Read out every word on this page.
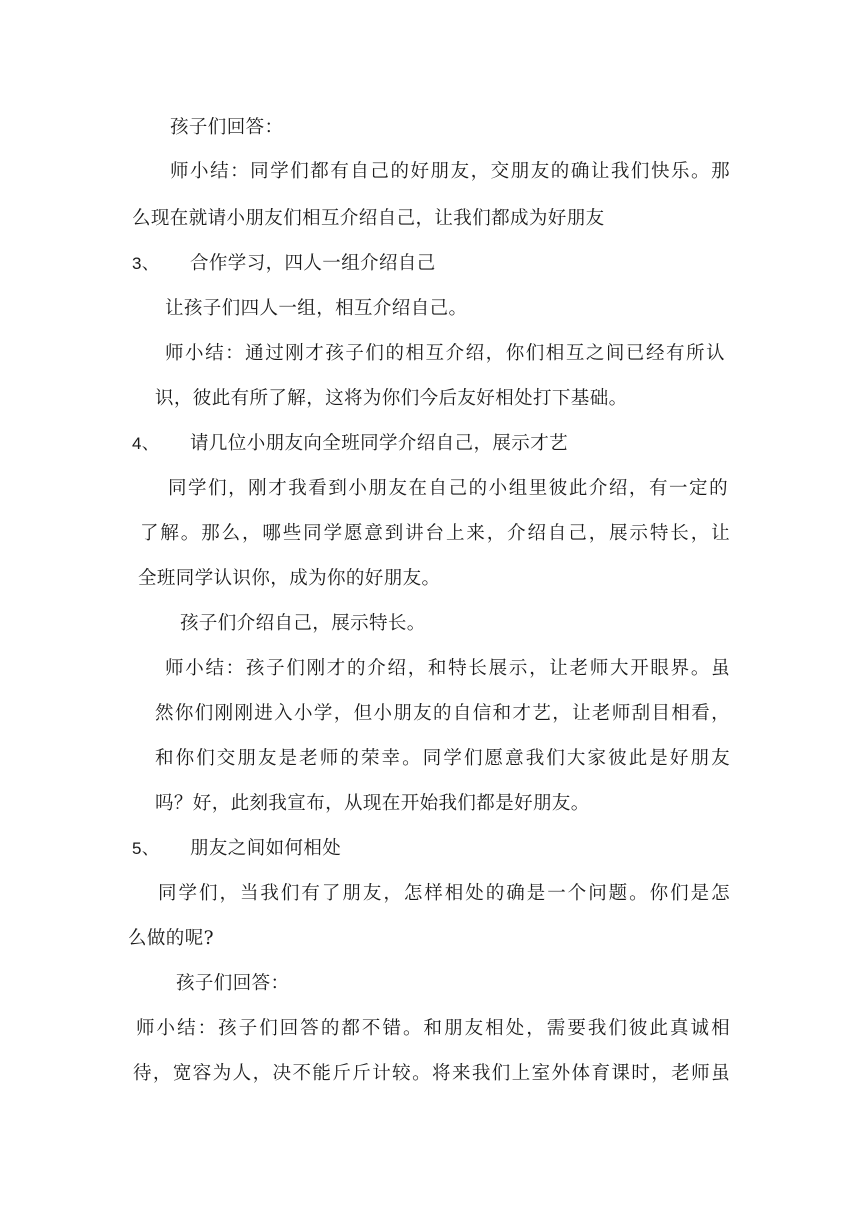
孩子们回答：
师小结：同学们都有自己的好朋友，交朋友的确让我们快乐。那
么现在就请小朋友们相互介绍自己，让我们都成为好朋友
3、 合作学习，四人一组介绍自己
让孩子们四人一组，相互介绍自己。
师小结：通过刚才孩子们的相互介绍，你们相互之间已经有所认
识，彼此有所了解，这将为你们今后友好相处打下基础。
4、 请几位小朋友向全班同学介绍自己，展示才艺
同学们，刚才我看到小朋友在自己的小组里彼此介绍，有一定的
了解。那么，哪些同学愿意到讲台上来，介绍自己，展示特长，让
全班同学认识你，成为你的好朋友。
孩子们介绍自己，展示特长。
师小结：孩子们刚才的介绍，和特长展示，让老师大开眼界。虽
然你们刚刚进入小学，但小朋友的自信和才艺，让老师刮目相看，
和你们交朋友是老师的荣幸。同学们愿意我们大家彼此是好朋友
吗？好，此刻我宣布，从现在开始我们都是好朋友。
5、 朋友之间如何相处
同学们，当我们有了朋友，怎样相处的确是一个问题。你们是怎
么做的呢?
孩子们回答：
师小结：孩子们回答的都不错。和朋友相处，需要我们彼此真诚相
待，宽容为人，决不能斤斤计较。将来我们上室外体育课时，老师虽
